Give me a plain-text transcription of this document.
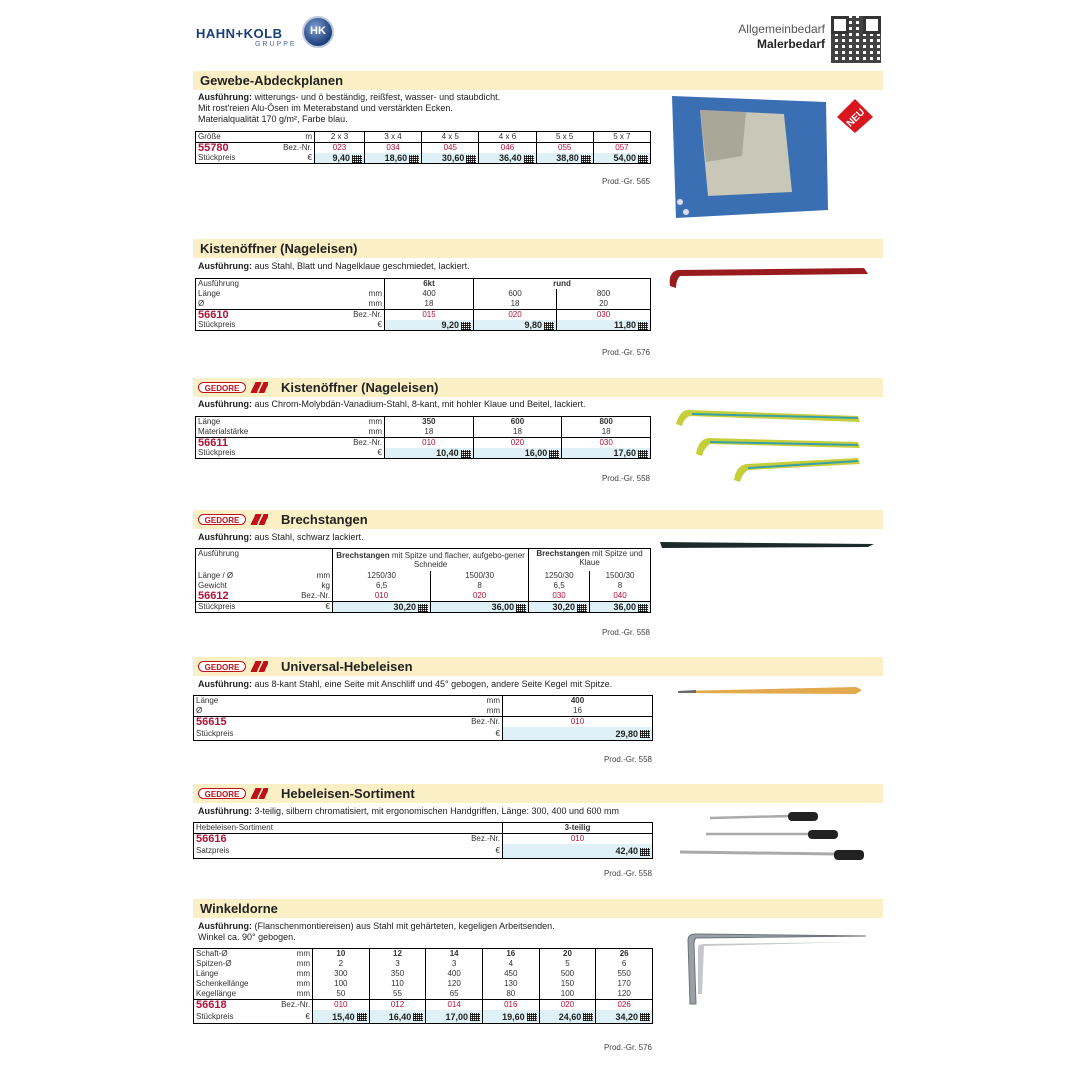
HAHN+KOLB
GRUPPE
HK	Allgemeinbedarf
Malerbedarf
Gewebe-Abdeckplanen
Ausführung: witterungs- und ö beständig, reißfest, wasser- und staubdicht.
Mit rost'reien Alu-Ösen im Meterabstand und verstärkten Ecken.
Materialqualität 170 g/m², Farbe blau.
Größe	m	2 x 3	3 x 4	4 x 5	4 x 6	5 x 5	5 x 7
55780	Bez.-Nr.	023	034	045	046	055	057
Stückpreis	€	9,40	18,60	30,60	36,40	38,80	54,00
Prod.-Gr. 565
NEU
Kistenöffner (Nageleisen)
Ausführung: aus Stahl, Blatt und Nagelklaue geschmiedet, lackiert.
Ausführung		6kt	rund	
Länge	mm	400	600	800
Ø	mm	18	18	20
56610	Bez.-Nr.	015	020	030
Stückpreis	€	9,20	9,80	11,80
Prod.-Gr. 576
GEDORE	Kistenöffner (Nageleisen)
Ausführung: aus Chrom-Molybdän-Vanadium-Stahl, 8-kant, mit hohler Klaue und Beitel, lackiert.
Länge	mm	350	600	800
Materialstärke	mm	18	18	18
56611	Bez.-Nr.	010	020	030
Stückpreis	€	10,40	16,00	17,60
Prod.-Gr. 558
GEDORE	Brechstangen
Ausführung: aus Stahl, schwarz lackiert.
Ausführung		Brechstangen mit Spitze und flacher, aufgebo-gener Schneide		Brechstangen mit Spitze und Klaue	
Länge / Ø	mm	1250/30	1500/30	1250/30	1500/30
Gewicht	kg	6,5	8	6,5	8
56612	Bez.-Nr.	010	020	030	040
Stückpreis	€	30,20	36,00	30,20	36,00
Prod.-Gr. 558
GEDORE	Universal-Hebeleisen
Ausführung: aus 8-kant Stahl, eine Seite mit Anschliff und 45° gebogen, andere Seite Kegel mit Spitze.
Länge	mm	400
Ø	mm	16
56615	Bez.-Nr.	010
Stückpreis	€	29,80
Prod.-Gr. 558
GEDORE	Hebeleisen-Sortiment
Ausführung: 3-teilig, silbern chromatisiert, mit ergonomischen Handgriffen, Länge: 300, 400 und 600 mm
Hebeleisen-Sortiment		3-teilig
56616	Bez.-Nr.	010
Satzpreis	€	42,40
Prod.-Gr. 558
Winkeldorne
Ausführung: (Flanschenmontiereisen) aus Stahl mit gehärteten, kegeligen Arbeitsenden.
Winkel ca. 90° gebogen.
Schaft-Ø	mm	10	12	14	16	20	26
Spitzen-Ø	mm	2	3	3	4	5	6
Länge	mm	300	350	400	450	500	550
Schenkellänge	mm	100	110	120	130	150	170
Kegellänge	mm	50	55	65	80	100	120
56618	Bez.-Nr.	010	012	014	016	020	026
Stückpreis	€	15,40	16,40	17,00	19,60	24,60	34,20
Prod.-Gr. 576
